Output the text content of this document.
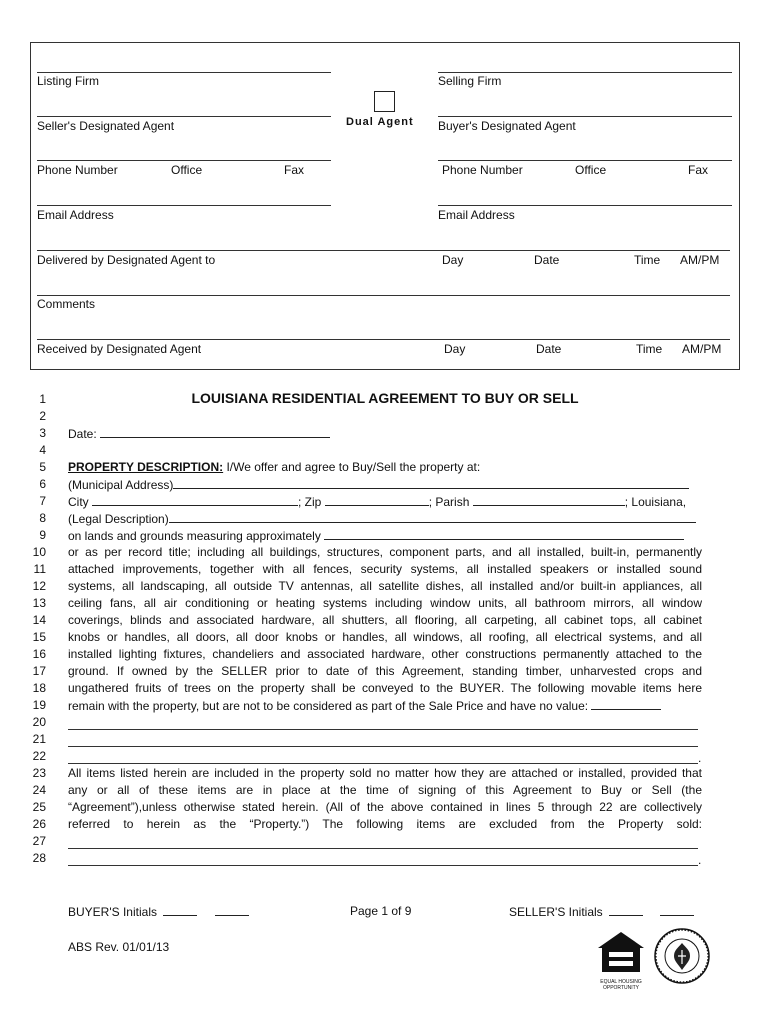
Listing Firm	Selling Firm
Dual Agent
Seller's Designated Agent	Buyer's Designated Agent
Phone Number	Office	Fax	Phone Number	Office	Fax
Email Address	Email Address
Delivered by Designated Agent to	Day	Date	Time AM/PM
Comments
Received by Designated Agent	Day	Date	Time AM/PM
LOUISIANA RESIDENTIAL AGREEMENT TO BUY OR SELL
1
2
3
4
5
6
7
8
9
10
11
12
13
14
15
16
17
18
19
20
21
22
23
24
25
26
27
28
Date:
PROPERTY DESCRIPTION: I/We offer and agree to Buy/Sell the property at:
(Municipal Address)
City	; Zip	; Parish	; Louisiana,
(Legal Description)
on lands and grounds measuring approximately
or as per record title; including all buildings, structures, component parts, and all installed, built-in, permanently
attached improvements, together with all fences, security systems, all installed speakers or installed sound
systems, all landscaping, all outside TV antennas, all satellite dishes, all installed and/or built-in appliances, all
ceiling fans, all air conditioning or heating systems including window units, all bathroom mirrors, all window
coverings, blinds and associated hardware, all shutters, all flooring, all carpeting, all cabinet tops, all cabinet
knobs or handles, all doors, all door knobs or handles, all windows, all roofing, all electrical systems, and all
installed lighting fixtures, chandeliers and associated hardware, other constructions permanently attached to the
ground. If owned by the SELLER prior to date of this Agreement, standing timber, unharvested crops and
ungathered fruits of trees on the property shall be conveyed to the BUYER. The following movable items here
remain with the property, but are not to be considered as part of the Sale Price and have no value:
.
All items listed herein are included in the property sold no matter how they are attached or installed, provided that
any or all of these items are in place at the time of signing of this Agreement to Buy or Sell (the
“Agreement”),unless otherwise stated herein. (All of the above contained in lines 5 through 22 are collectively
referred to herein as the “Property.”) The following items are excluded from the Property sold:
.
BUYER'S Initials	Page 1 of 9	SELLER'S Initials
ABS Rev. 01/01/13
EQUAL HOUSING OPPORTUNITY
